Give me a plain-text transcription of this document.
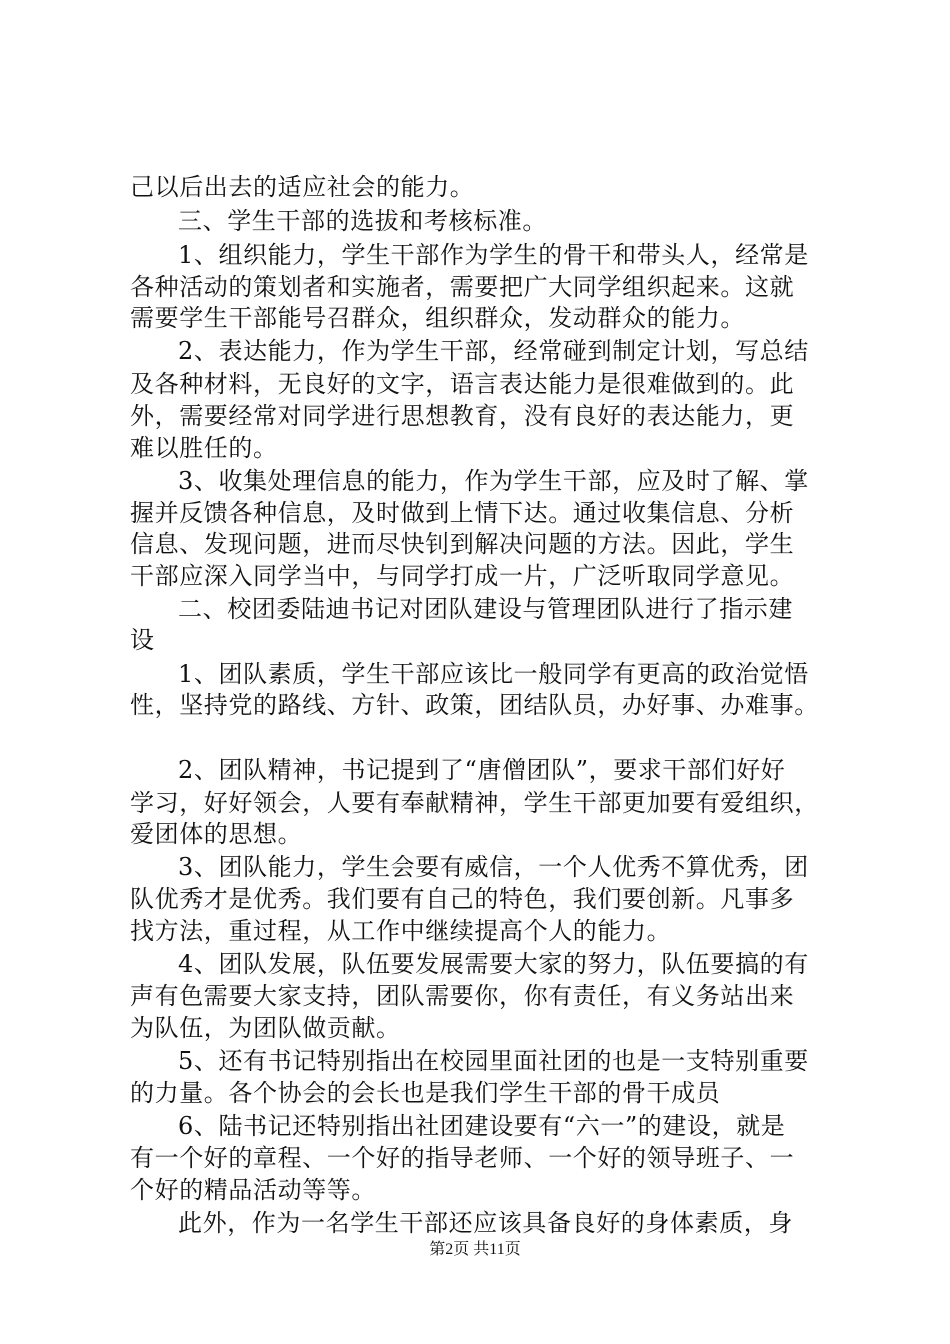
己以后出去的适应社会的能力。
三、学生干部的选拔和考核标准。
1、组织能力，学生干部作为学生的骨干和带头人，经常是
各种活动的策划者和实施者，需要把广大同学组织起来。这就
需要学生干部能号召群众，组织群众，发动群众的能力。
2、表达能力，作为学生干部，经常碰到制定计划，写总结
及各种材料，无良好的文字，语言表达能力是很难做到的。此
外，需要经常对同学进行思想教育，没有良好的表达能力，更
难以胜任的。
3、收集处理信息的能力，作为学生干部，应及时了解、掌
握并反馈各种信息，及时做到上情下达。通过收集信息、分析
信息、发现问题，进而尽快钊到解决问题的方法。因此，学生
干部应深入同学当中，与同学打成一片，广泛听取同学意见。
二、校团委陆迪书记对团队建设与管理团队进行了指示建
设
1、团队素质，学生干部应该比一般同学有更高的政治觉悟
性，坚持党的路线、方针、政策，团结队员，办好事、办难事。
2、团队精神，书记提到了“唐僧团队”，要求干部们好好
学习，好好领会，人要有奉献精神，学生干部更加要有爱组织，
爱团体的思想。
3、团队能力，学生会要有威信，一个人优秀不算优秀，团
队优秀才是优秀。我们要有自己的特色，我们要创新。凡事多
找方法，重过程，从工作中继续提高个人的能力。
4、团队发展，队伍要发展需要大家的努力，队伍要搞的有
声有色需要大家支持，团队需要你，你有责任，有义务站出来
为队伍，为团队做贡献。
5、还有书记特别指出在校园里面社团的也是一支特别重要
的力量。各个协会的会长也是我们学生干部的骨干成员
6、陆书记还特别指出社团建设要有“六一”的建设，就是
有一个好的章程、一个好的指导老师、一个好的领导班子、一
个好的精品活动等等。
此外，作为一名学生干部还应该具备良好的身体素质，身
第2页 共11页
